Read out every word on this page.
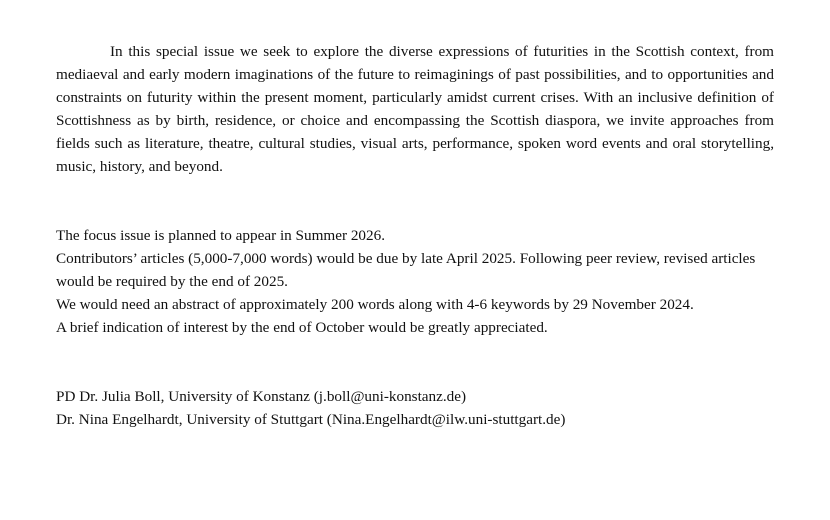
In this special issue we seek to explore the diverse expressions of futurities in the Scottish context, from mediaeval and early modern imaginations of the future to reimaginings of past possibilities, and to opportunities and constraints on futurity within the present moment, particularly amidst current crises. With an inclusive definition of Scottishness as by birth, residence, or choice and encompassing the Scottish diaspora, we invite approaches from fields such as literature, theatre, cultural studies, visual arts, performance, spoken word events and oral storytelling, music, history, and beyond.

The focus issue is planned to appear in Summer 2026.

Contributors’ articles (5,000-7,000 words) would be due by late April 2025. Following peer review, revised articles would be required by the end of 2025.

We would need an abstract of approximately 200 words along with 4-6 keywords by 29 November 2024.

A brief indication of interest by the end of October would be greatly appreciated.

PD Dr. Julia Boll, University of Konstanz (j.boll@uni-konstanz.de)

Dr. Nina Engelhardt, University of Stuttgart (Nina.Engelhardt@ilw.uni-stuttgart.de)
